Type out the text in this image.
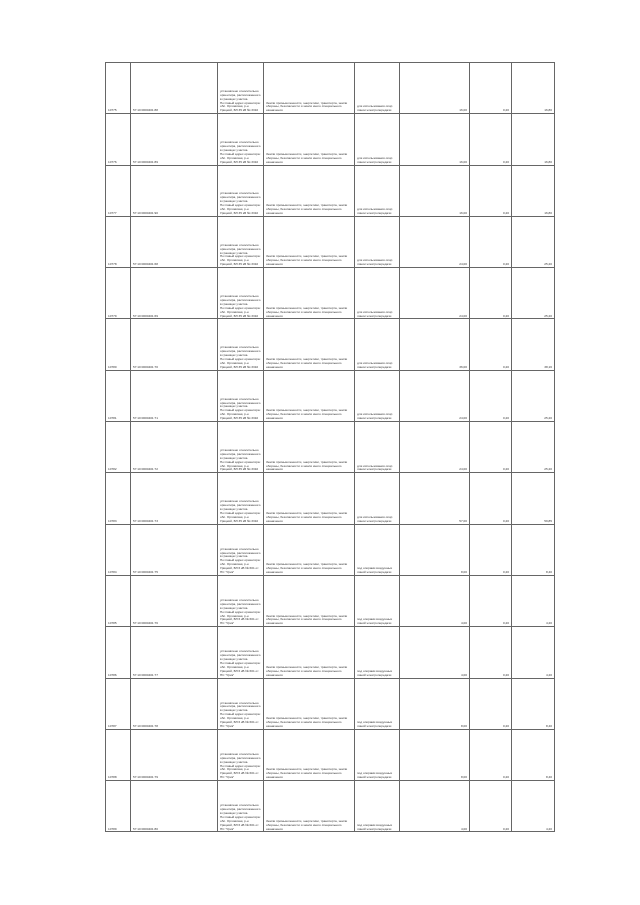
10775	57:10:0000401:88	установлено относительно ориентира, расположенного в границах участка. Почтовый адрес ориентира: обл. Орловская, р-н Урицкий, ВЛ 35 кВ № 3310	Земли промышленности, энергетики, транспорта, земли обороны, безопасности и земли иного специального назначения	для использования опор линии электропередачи	16,00	0,20	16,80

10776	57:10:0000401:89	установлено относительно ориентира, расположенного в границах участка. Почтовый адрес ориентира: обл. Орловская, р-н Урицкий, ВЛ 35 кВ № 3310	Земли промышленности, энергетики, транспорта, земли обороны, безопасности и земли иного специального назначения	для использования опор линии электропередачи	16,00	0,20	16,80

10777	57:10:0000401:90	установлено относительно ориентира, расположенного в границах участка. Почтовый адрес ориентира: обл. Орловская, р-н Урицкий, ВЛ 35 кВ № 3310	Земли промышленности, энергетики, транспорта, земли обороны, безопасности и земли иного специального назначения	для использования опор линии электропередачи	16,00	0,20	16,80

10778	57:10:0000401:68	установлено относительно ориентира, расположенного в границах участка. Почтовый адрес ориентира: обл. Орловская, р-н Урицкий, ВЛ 35 кВ № 3310	Земли промышленности, энергетики, транспорта, земли обороны, безопасности и земли иного специального назначения	для использования опор линии электропередачи	24,00	0,20	25,20

10779	57:10:0000401:69	установлено относительно ориентира, расположенного в границах участка. Почтовый адрес ориентира: обл. Орловская, р-н Урицкий, ВЛ 35 кВ № 3310	Земли промышленности, энергетики, транспорта, земли обороны, безопасности и земли иного специального назначения	для использования опор линии электропередачи	24,00	0,20	25,20

10780	57:10:0000401:70	установлено относительно ориентира, расположенного в границах участка. Почтовый адрес ориентира: обл. Орловская, р-н Урицкий, ВЛ 35 кВ № 3310	Земли промышленности, энергетики, транспорта, земли обороны, безопасности и земли иного специального назначения	для использования опор линии электропередачи	36,00	0,20	38,16

10781	57:10:0000401:71	установлено относительно ориентира, расположенного в границах участка. Почтовый адрес ориентира: обл. Орловская, р-н Урицкий, ВЛ 35 кВ № 3310	Земли промышленности, энергетики, транспорта, земли обороны, безопасности и земли иного специального назначения	для использования опор линии электропередачи	24,00	0,20	25,20

10782	57:10:0000401:72	установлено относительно ориентира, расположенного в границах участка. Почтовый адрес ориентира: обл. Орловская, р-н Урицкий, ВЛ 35 кВ № 3310	Земли промышленности, энергетики, транспорта, земли обороны, безопасности и земли иного специального назначения	для использования опор линии электропередачи	24,00	0,20	25,20

10783	57:10:0000401:73	установлено относительно ориентира, расположенного в границах участка. Почтовый адрес ориентира: обл. Орловская, р-н Урицкий, ВЛ 35 кВ № 3310	Земли промышленности, энергетики, транспорта, земли обороны, безопасности и земли иного специального назначения	для использования опор линии электропередачи	57,00	0,20	59,85

10784	57:10:0000401:75	установлено относительно ориентира, расположенного в границах участка. Почтовый адрес ориентира: обл. Орловская, р-н Урицкий, ВЛ 6 кВ № 601 от ПС "Урик"	Земли промышленности, энергетики, транспорта, земли обороны, безопасности и земли иного специального назначения	под опорами воздушных линий электропередачи	8,00	0,20	8,40

10785	57:10:0000401:76	установлено относительно ориентира, расположенного в границах участка. Почтовый адрес ориентира: обл. Орловская, р-н Урицкий, ВЛ 6 кВ № 601 от ПС "Урик"	Земли промышленности, энергетики, транспорта, земли обороны, безопасности и земли иного специального назначения	под опорами воздушных линий электропередачи	4,00	0,20	4,20

10786	57:10:0000401:77	установлено относительно ориентира, расположенного в границах участка. Почтовый адрес ориентира: обл. Орловская, р-н Урицкий, ВЛ 6 кВ № 601 от ПС "Урик"	Земли промышленности, энергетики, транспорта, земли обороны, безопасности и земли иного специального назначения	под опорами воздушных линий электропередачи	4,00	0,20	4,20

10787	57:10:0000401:78	установлено относительно ориентира, расположенного в границах участка. Почтовый адрес ориентира: обл. Орловская, р-н Урицкий, ВЛ 6 кВ № 601 от ПС "Урик"	Земли промышленности, энергетики, транспорта, земли обороны, безопасности и земли иного специального назначения	под опорами воздушных линий электропередачи	8,00	0,20	8,40

10788	57:10:0000401:79	установлено относительно ориентира, расположенного в границах участка. Почтовый адрес ориентира: обл. Орловская, р-н Урицкий, ВЛ 6 кВ № 601 от ПС "Урик"	Земли промышленности, энергетики, транспорта, земли обороны, безопасности и земли иного специального назначения	под опорами воздушных линий электропередачи	8,00	0,20	8,40

10789	57:10:0000401:80	установлено относительно ориентира, расположенного в границах участка. Почтовый адрес ориентира: обл. Орловская, р-н Урицкий, ВЛ 6 кВ № 601 от ПС "Урик"	Земли промышленности, энергетики, транспорта, земли обороны, безопасности и земли иного специального назначения	под опорами воздушных линий электропередачи	4,00	0,20	4,20
